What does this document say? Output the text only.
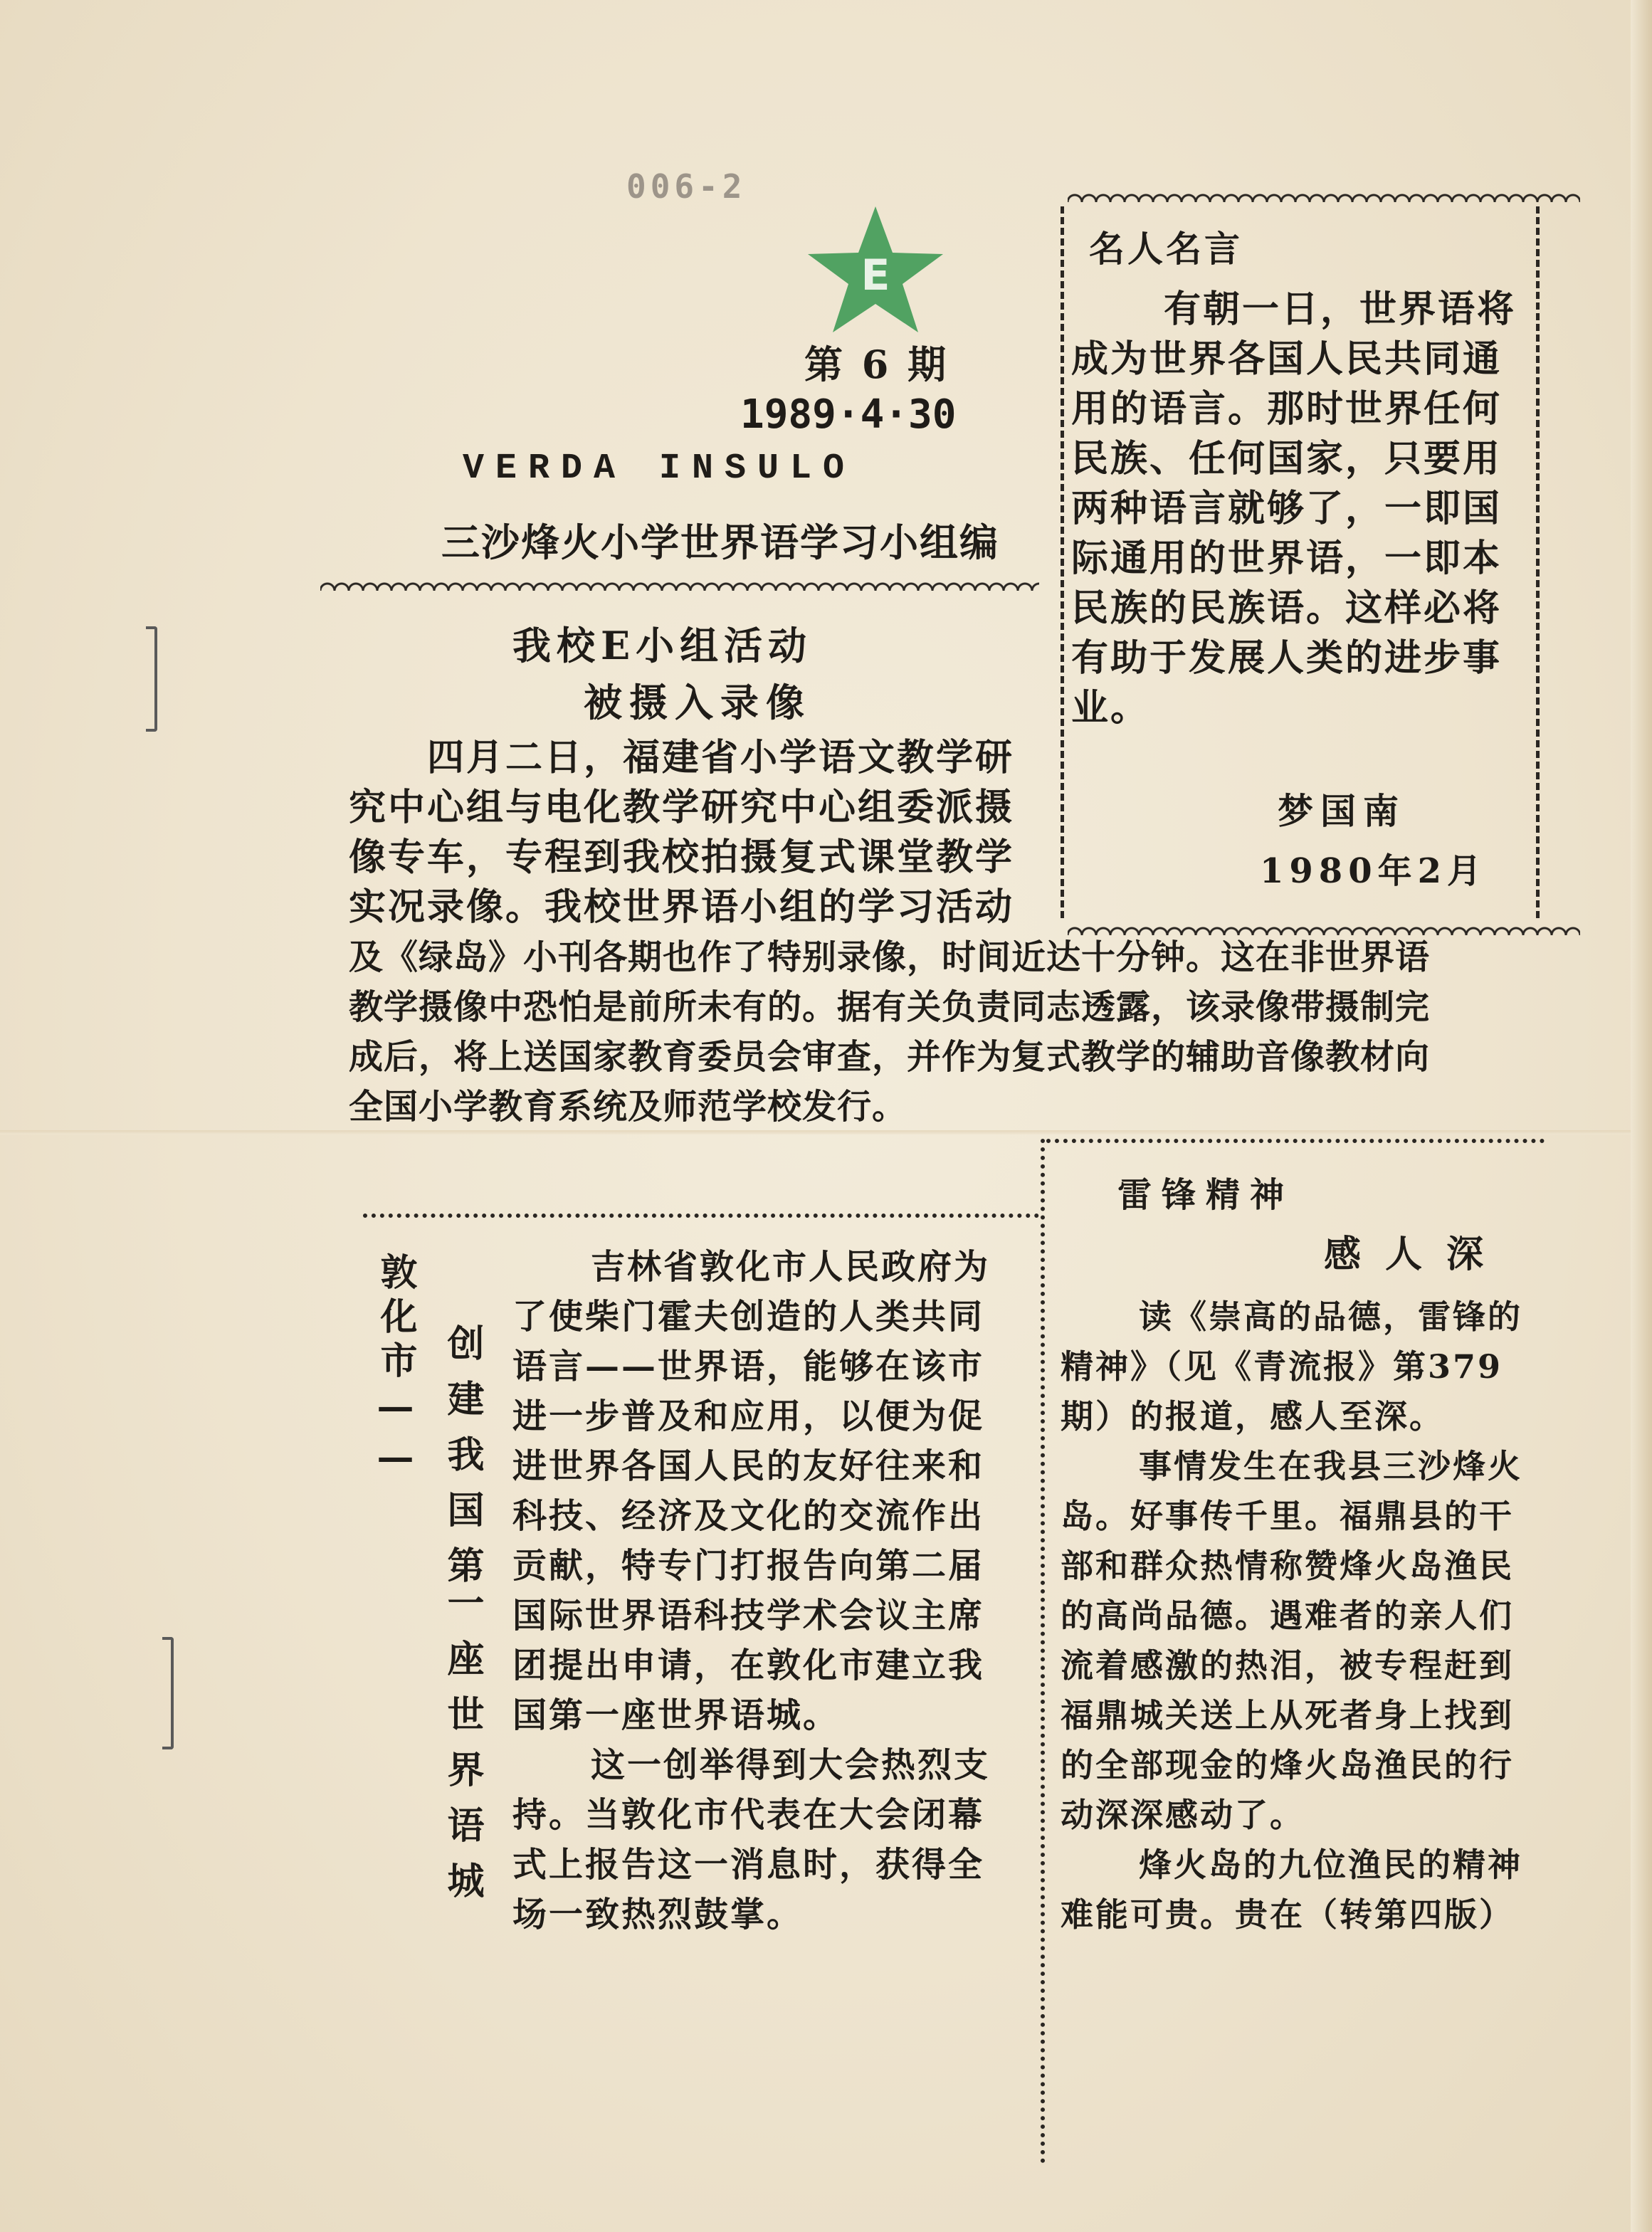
006-2
E
第 6 期
1989·4·30
VERDA INSULO
三沙烽火小学世界语学习小组编
名人名言
有朝一日，世界语将
成为世界各国人民共同通
用的语言。那时世界任何
民族、任何国家，只要用
两种语言就够了，一即国
际通用的世界语，一即本
民族的民族语。这样必将
有助于发展人类的进步事
业。
梦国南
1980年2月
我校E小组活动
被摄入录像
四月二日，福建省小学语文教学研
究中心组与电化教学研究中心组委派摄
像专车，专程到我校拍摄复式课堂教学
实况录像。我校世界语小组的学习活动
及《绿岛》小刊各期也作了特别录像，时间近达十分钟。这在非世界语
教学摄像中恐怕是前所未有的。据有关负责同志透露，该录像带摄制完
成后，将上送国家教育委员会审查，并作为复式教学的辅助音像教材向
全国小学教育系统及师范学校发行。
敦化市—— 创建我国第
一座世界语城
吉林省敦化市人民政府为
了使柴门霍夫创造的人类共同
语言——世界语，能够在该市
进一步普及和应用，以便为促
进世界各国人民的友好往来和
科技、经济及文化的交流作出
贡献，特专门打报告向第二届
国际世界语科技学术会议主席
团提出申请，在敦化市建立我
国第一座世界语城。
这一创举得到大会热烈支
持。当敦化市代表在大会闭幕
式上报告这一消息时，获得全
场一致热烈鼓掌。
雷锋精神
感人深
读《崇高的品德，雷锋的
精神》（见《青流报》第379
期）的报道，感人至深。
事情发生在我县三沙烽火
岛。好事传千里。福鼎县的干
部和群众热情称赞烽火岛渔民
的高尚品德。遇难者的亲人们
流着感激的热泪，被专程赶到
福鼎城关送上从死者身上找到
的全部现金的烽火岛渔民的行
动深深感动了。
烽火岛的九位渔民的精神
难能可贵。贵在（转第四版）
